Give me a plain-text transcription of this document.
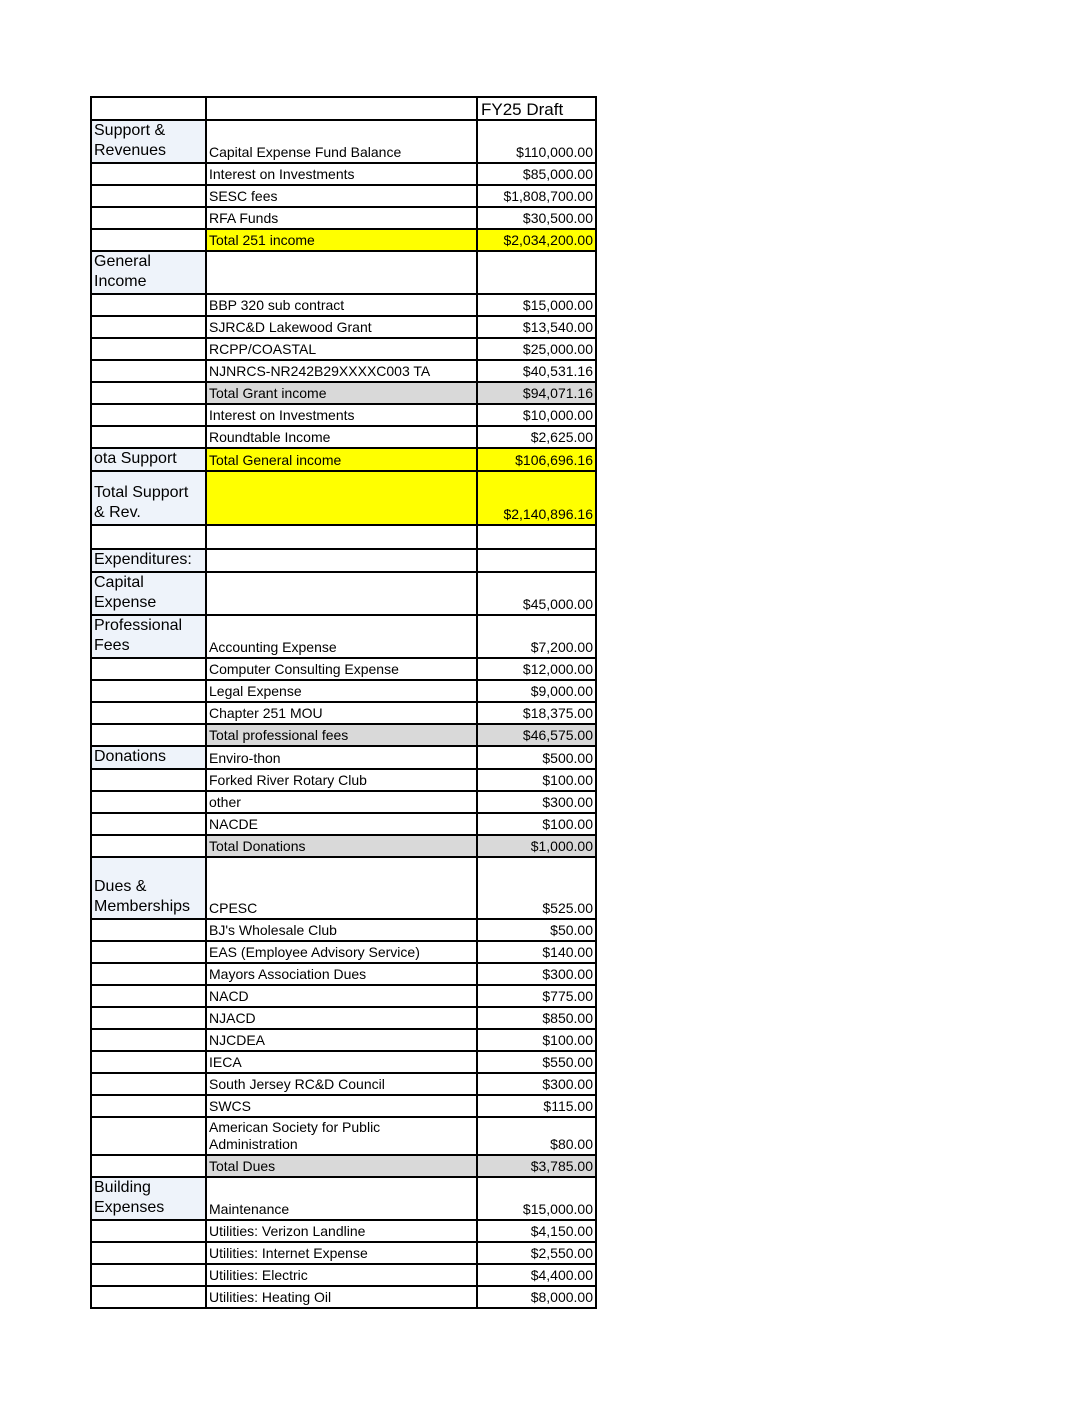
		FY25 Draft
Support &
Revenues	Capital Expense Fund Balance	$110,000.00
	Interest on Investments	$85,000.00
	SESC fees	$1,808,700.00
	RFA Funds	$30,500.00
	Total 251 income	$2,034,200.00
General
Income		
	BBP 320 sub contract	$15,000.00
	SJRC&D Lakewood Grant	$13,540.00
	RCPP/COASTAL	$25,000.00
	NJNRCS-NR242B29XXXXC003 TA	$40,531.16
	Total Grant income	$94,071.16
	Interest on Investments	$10,000.00
	Roundtable Income	$2,625.00
ota Support	Total General income	$106,696.16
Total Support
& Rev.		$2,140,896.16

Expenditures:		
Capital
Expense		$45,000.00
Professional
Fees	Accounting Expense	$7,200.00
	Computer Consulting Expense	$12,000.00
	Legal Expense	$9,000.00
	Chapter 251 MOU	$18,375.00
	Total professional fees	$46,575.00
Donations	Enviro-thon	$500.00
	Forked River Rotary Club	$100.00
	other	$300.00
	NACDE	$100.00
	Total Donations	$1,000.00
Dues &
Memberships	CPESC	$525.00
	BJ's Wholesale Club	$50.00
	EAS (Employee Advisory Service)	$140.00
	Mayors Association Dues	$300.00
	NACD	$775.00
	NJACD	$850.00
	NJCDEA	$100.00
	IECA	$550.00
	South Jersey RC&D Council	$300.00
	SWCS	$115.00
	American Society for Public
Administration	$80.00
	Total Dues	$3,785.00
Building
Expenses	Maintenance	$15,000.00
	Utilities: Verizon Landline	$4,150.00
	Utilities: Internet Expense	$2,550.00
	Utilities: Electric	$4,400.00
	Utilities: Heating Oil	$8,000.00
